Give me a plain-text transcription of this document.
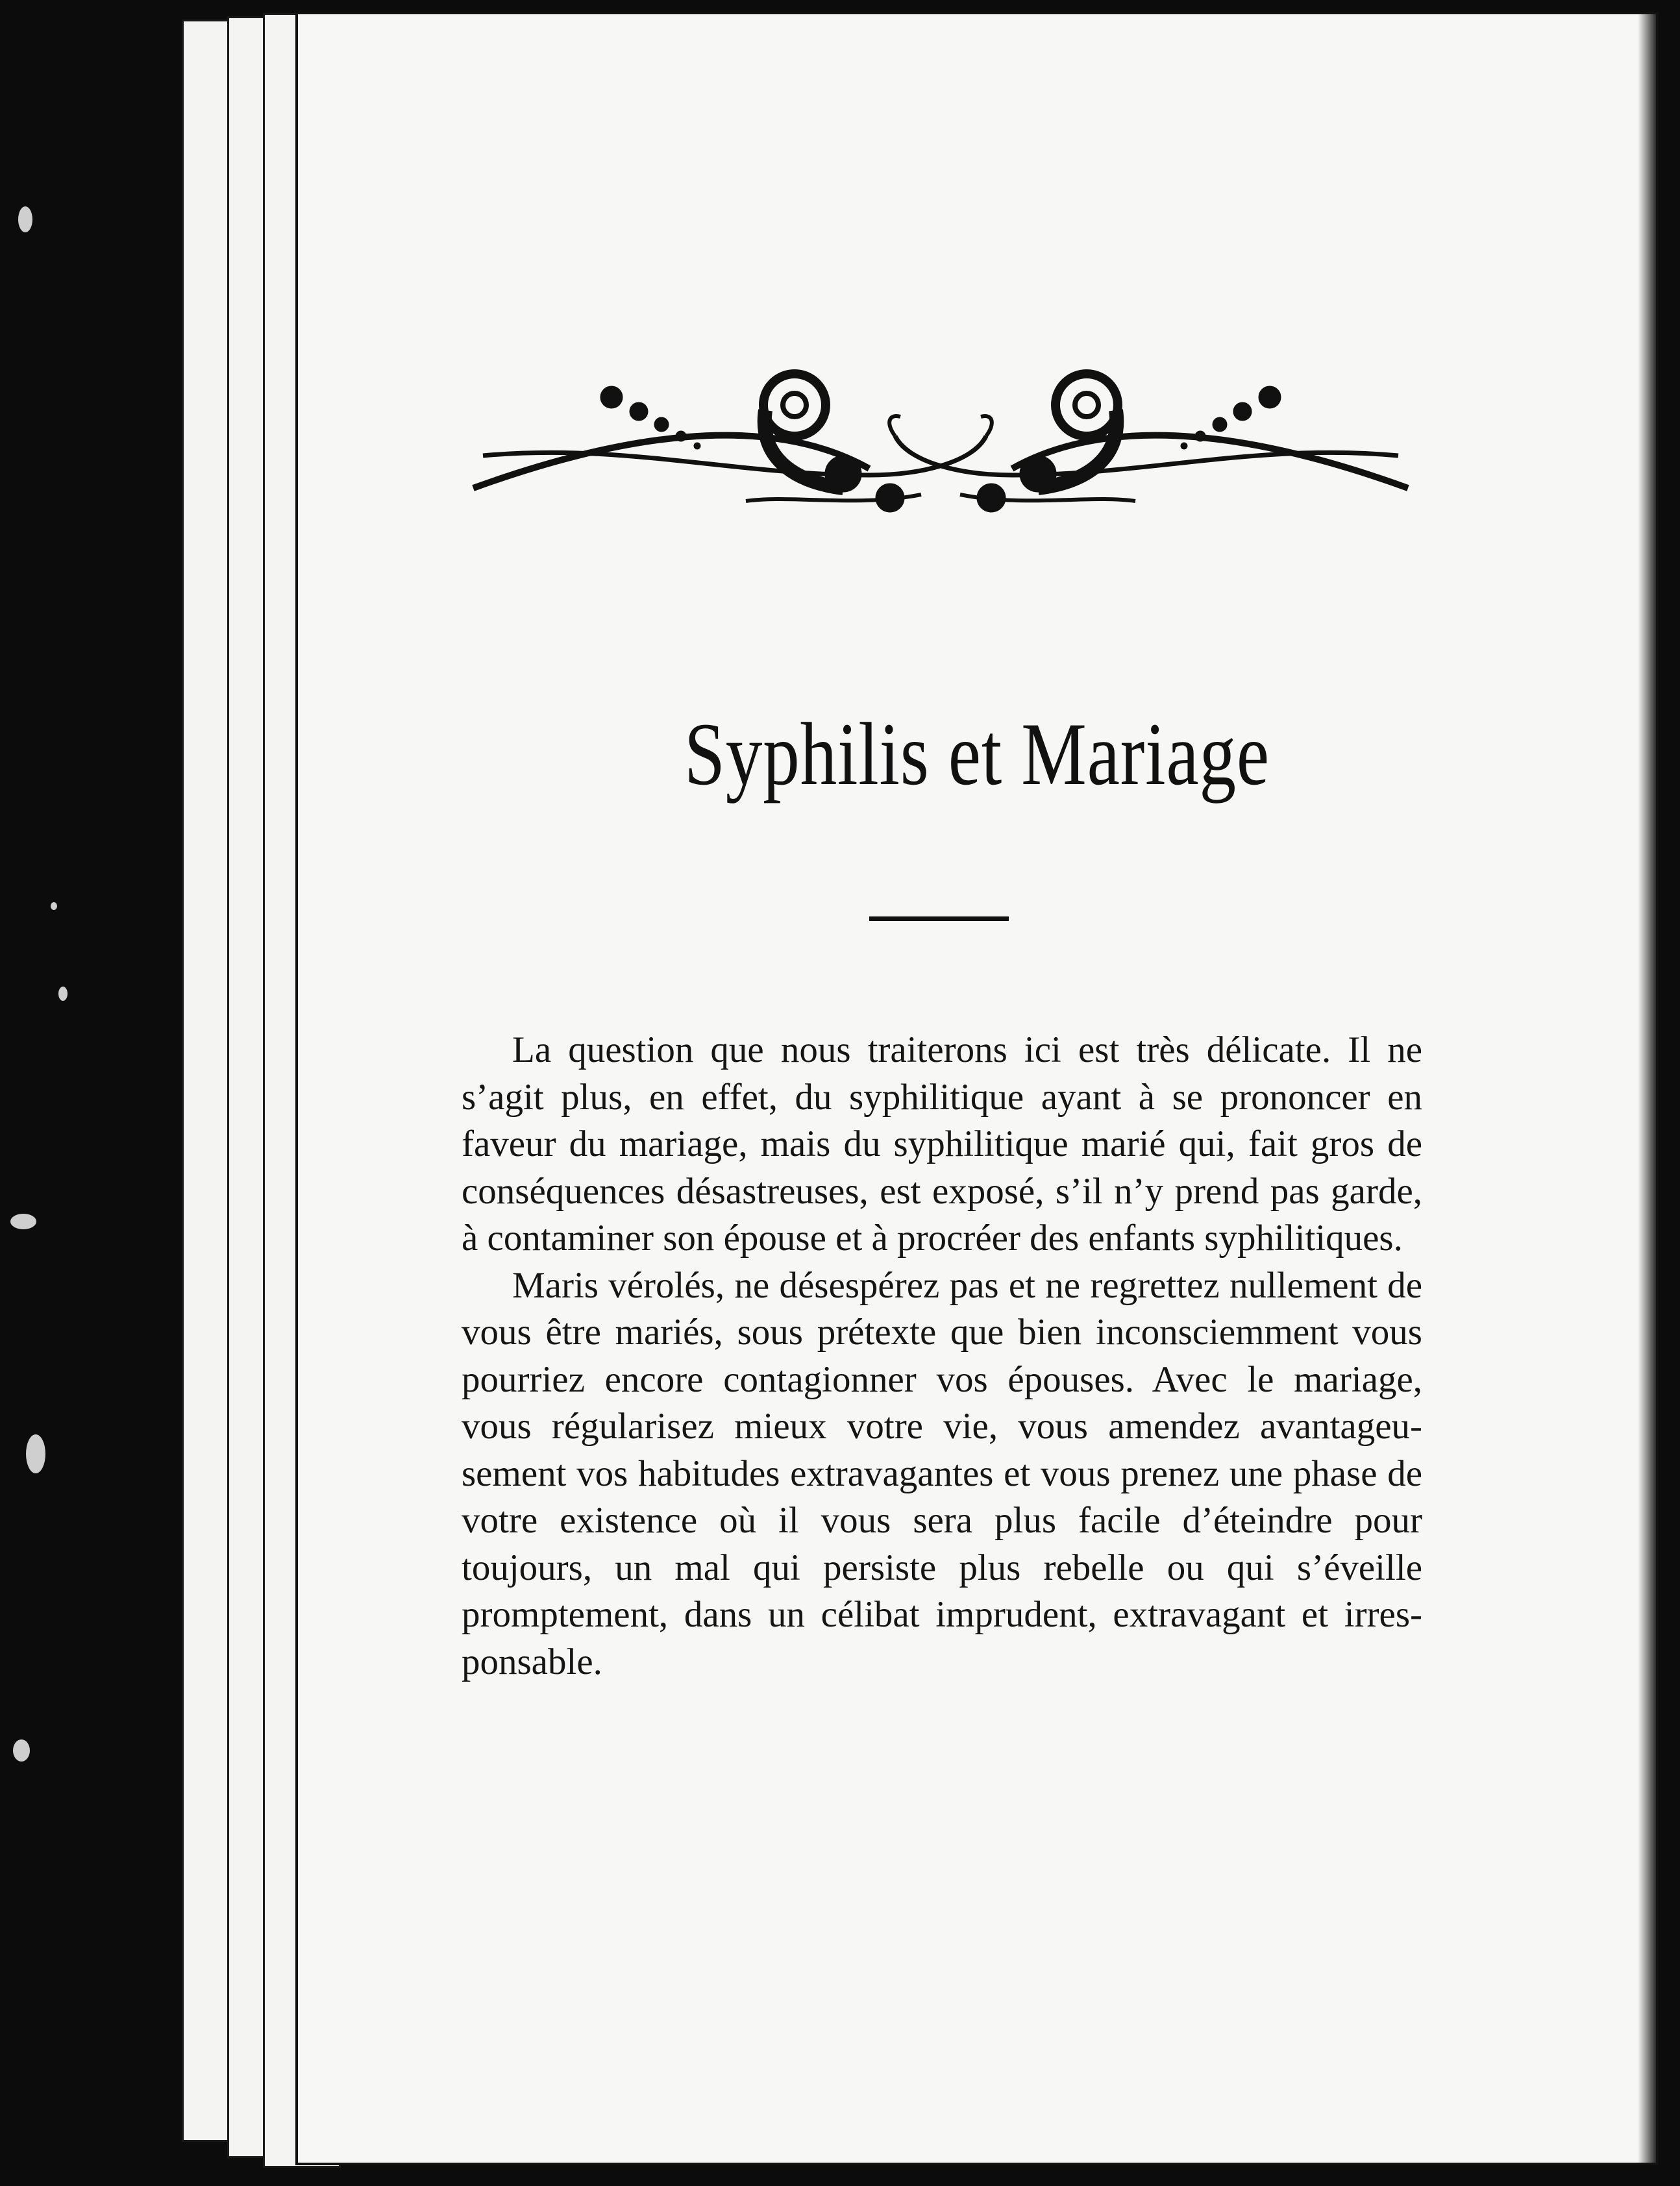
Syphilis et Mariage

La question que nous traiterons ici est très délicate. Il ne s’agit plus, en effet, du syphilitique ayant à se prononcer en faveur du mariage, mais du syphilitique marié qui, fait gros de conséquences désastreuses, est exposé, s’il n’y prend pas garde, à contaminer son épouse et à procréer des enfants syphilitiques.

Maris vérolés, ne désespérez pas et ne regrettez nullement de vous être mariés, sous prétexte que bien inconsciemment vous pourriez encore contagionner vos épouses. Avec le mariage, vous régularisez mieux votre vie, vous amendez avantageusement vos habitudes extravagantes et vous prenez une phase de votre existence où il vous sera plus facile d’éteindre pour toujours, un mal qui persiste plus rebelle ou qui s’éveille promptement, dans un célibat imprudent, extravagant et irresponsable.
